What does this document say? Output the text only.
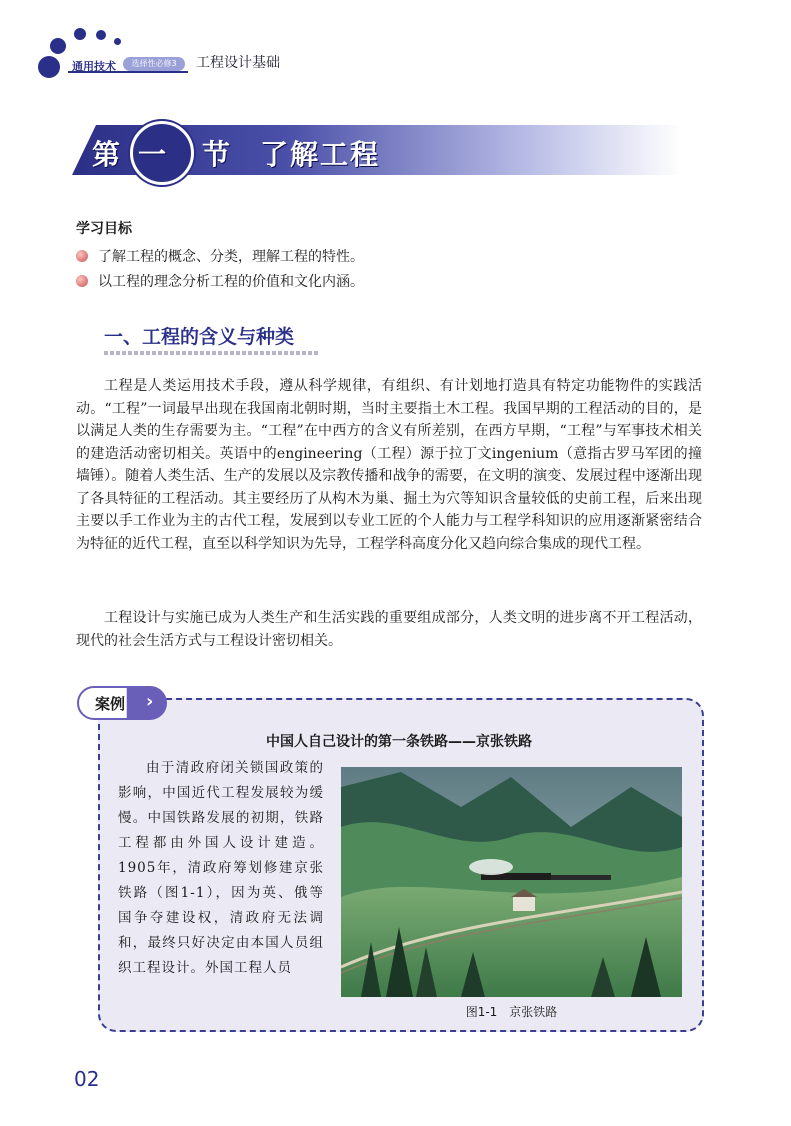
通用技术	选择性必修3	工程设计基础
第 一 节 了解工程
学习目标
了解工程的概念、分类，理解工程的特性。
以工程的理念分析工程的价值和文化内涵。
一、工程的含义与种类

工程是人类运用技术手段，遵从科学规律，有组织、有计划地打造具有特定功能物件的实践活动。“工程”一词最早出现在我国南北朝时期，当时主要指土木工程。我国早期的工程活动的目的，是以满足人类的生存需要为主。“工程”在中西方的含义有所差别，在西方早期，“工程”与军事技术相关的建造活动密切相关。英语中的engineering（工程）源于拉丁文ingenium（意指古罗马军团的撞墙锤）。随着人类生活、生产的发展以及宗教传播和战争的需要，在文明的演变、发展过程中逐渐出现了各具特征的工程活动。其主要经历了从构木为巢、掘土为穴等知识含量较低的史前工程，后来出现主要以手工作业为主的古代工程，发展到以专业工匠的个人能力与工程学科知识的应用逐渐紧密结合为特征的近代工程，直至以科学知识为先导，工程学科高度分化又趋向综合集成的现代工程。

工程设计与实施已成为人类生产和生活实践的重要组成部分，人类文明的进步离不开工程活动，现代的社会生活方式与工程设计密切相关。

案例 ›
中国人自己设计的第一条铁路——京张铁路

由于清政府闭关锁国政策的影响，中国近代工程发展较为缓慢。中国铁路发展的初期，铁路工程都由外国人设计建造。1905年，清政府筹划修建京张铁路（图1-1），因为英、俄等国争夺建设权，清政府无法调和，最终只好决定由本国人员组织工程设计。外国工程人员

图1-1　京张铁路
02
